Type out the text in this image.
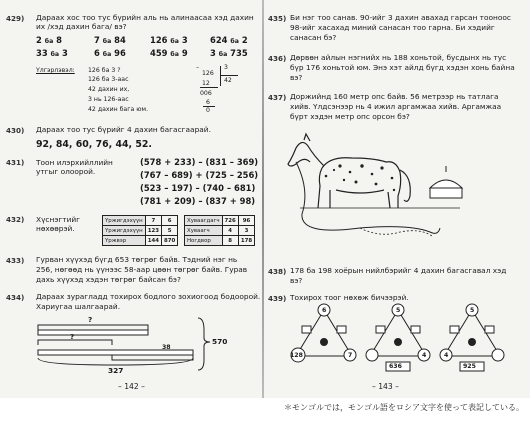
429) Дараах хос тоо тус бүрийн аль нь алинаасаа хэд дахин
их /хэд дахин бага/ вэ?
2 ба 8	7 ба 84	126 ба 3	624 ба 2
33 ба 3	6 ба 96	459 ба 9	3 ба 735
Үлгэрлэвэл: 126 ба 3 ?
126 ба 3-аас
42 дахин их,
3 нь 126-аас
42 дахин бага юм.
–
126
3
42
12
006
6
0
430) Дараах тоо тус бүрийг 4 дахин багасгаарай.
92, 84, 60, 76, 44, 52.
431) Тоон илэрхийллийн
утгыг олоорой.
(578 + 233) – (831 – 369)
(767 – 689) + (725 – 256)
(523 – 197) – (740 – 681)
(781 + 209) – (837 + 98)
432) Хүснэгтийг
нөхөөрэй.
Үржигдэхүүн	7	6
Үржигдэхүүн	123	5
Үржвэр	144	870
Хуваагдагч	726	96
Хуваагч	4	3
Ногдвор	8	178
433) Гурван хүүхэд бүгд 653 төгрөг байв. Тэдний нэг нь
256, нөгөөд нь үүнээс 58-аар цөөн төгрөг байв. Гурав
дахь хүүхэд хэдэн төгрөг байсан бэ?
434) Дараах зурагладд тохирох бодлого зохиогоод бодоорой.
Хариугаа шалгаарай.
?
?
38
327
570
– 142 –
435) Би нэг тоо санав. 90-ийг 3 дахин авахад гарсан тооноос
98-ийг хасахад миний санасан тоо гарна. Би хэдийг
санасан бэ?
436) Дөрвөн айлын нэгнийх нь 188 хоньтой, бусдынх нь тус
бүр 176 хоньтой юм. Энэ хэт айлд бүгд хэдэн хонь байна
вэ?
437) Доржийнд 160 метр опс байв. 56 метрээр нь татлага
хийв. Үлдсэнээр нь 4 ижил аргамжаа хийв. Аргамжаа
бүрт хэдэн метр опс орсон бэ?
438) 178 ба 198 хоёрын нийлбэрийг 4 дахин багасгавал хэд
вэ?
439) Тохирох тоог нөхөж бичээрэй.
6
128	7
5
4
636
5
4
925
– 143 –
＊モンゴルでは，モンゴル語をロシア文字を使って表記している。
